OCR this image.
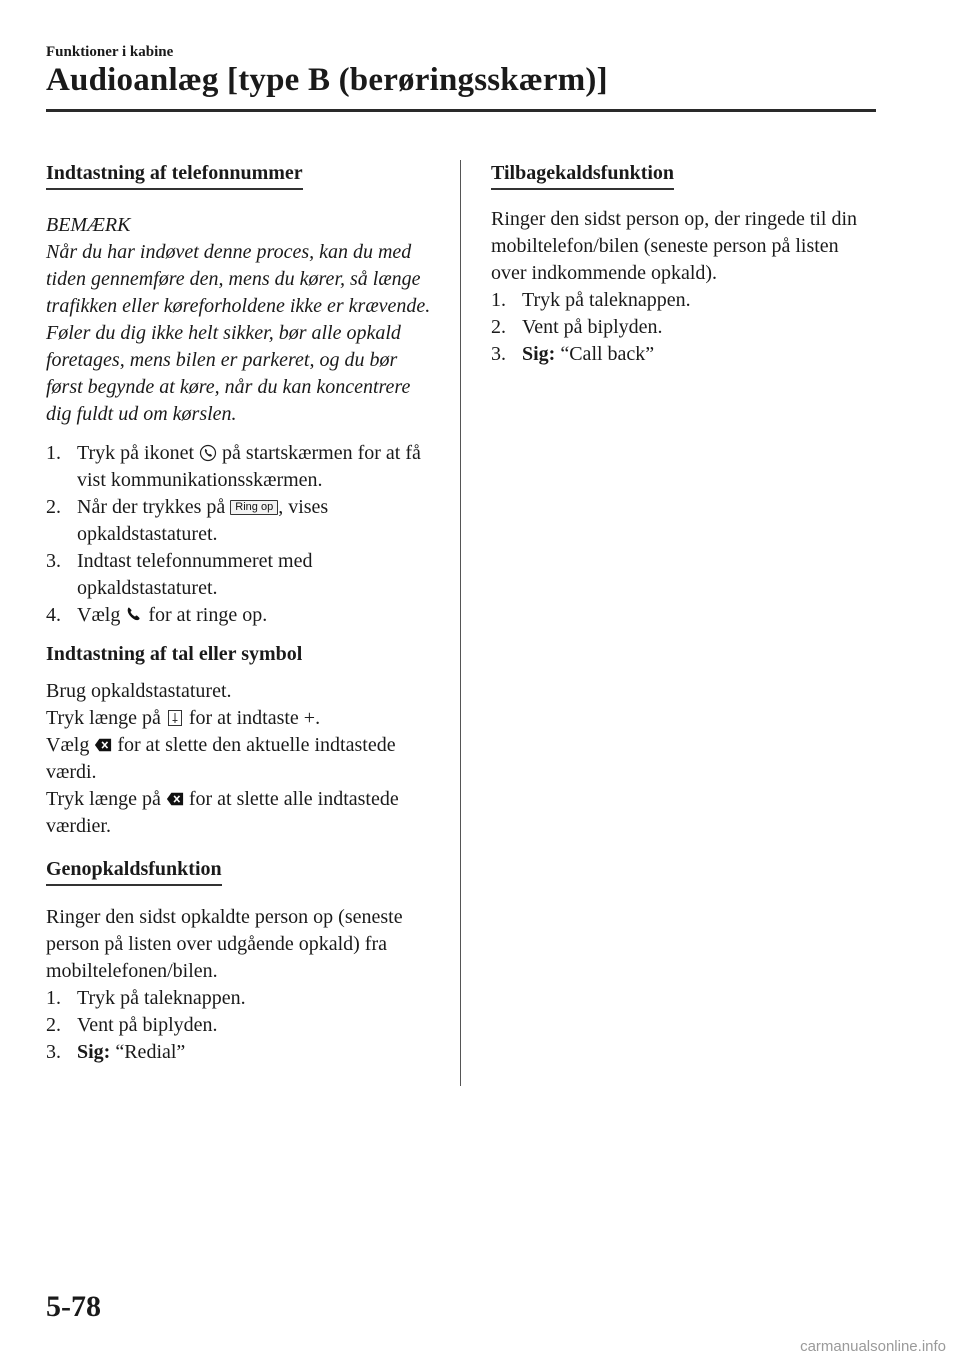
Funktioner i kabine
Audioanlæg [type B (berøringsskærm)]
Indtastning af telefonnummer

BEMÆRK

Når du har indøvet denne proces, kan du med tiden gennemføre den, mens du kører, så længe trafikken eller køreforholdene ikke er krævende. Føler du dig ikke helt sikker, bør alle opkald foretages, mens bilen er parkeret, og du bør først begynde at køre, når du kan koncentrere dig fuldt ud om kørslen.

1. Tryk på ikonet på startskærmen for at få vist kommunikationsskærmen.
2. Når der trykkes på Ring op , vises opkaldstastaturet.
3. Indtast telefonnummeret med opkaldstastaturet.
4. Vælg for at ringe op.

Indtastning af tal eller symbol

Brug opkaldstastaturet.

Tryk længe på for at indtaste +.

Vælg for at slette den aktuelle indtastede værdi.

Tryk længe på for at slette alle indtastede værdier.

Genopkaldsfunktion

Ringer den sidst opkaldte person op (seneste person på listen over udgående opkald) fra mobiltelefonen/bilen.

1. Tryk på taleknappen.
2. Vent på biplyden.
3. Sig: “Redial”
Tilbagekaldsfunktion

Ringer den sidst person op, der ringede til din mobiltelefon/bilen (seneste person på listen over indkommende opkald).

1. Tryk på taleknappen.
2. Vent på biplyden.
3. Sig: “Call back”
5-78
carmanualsonline.info
